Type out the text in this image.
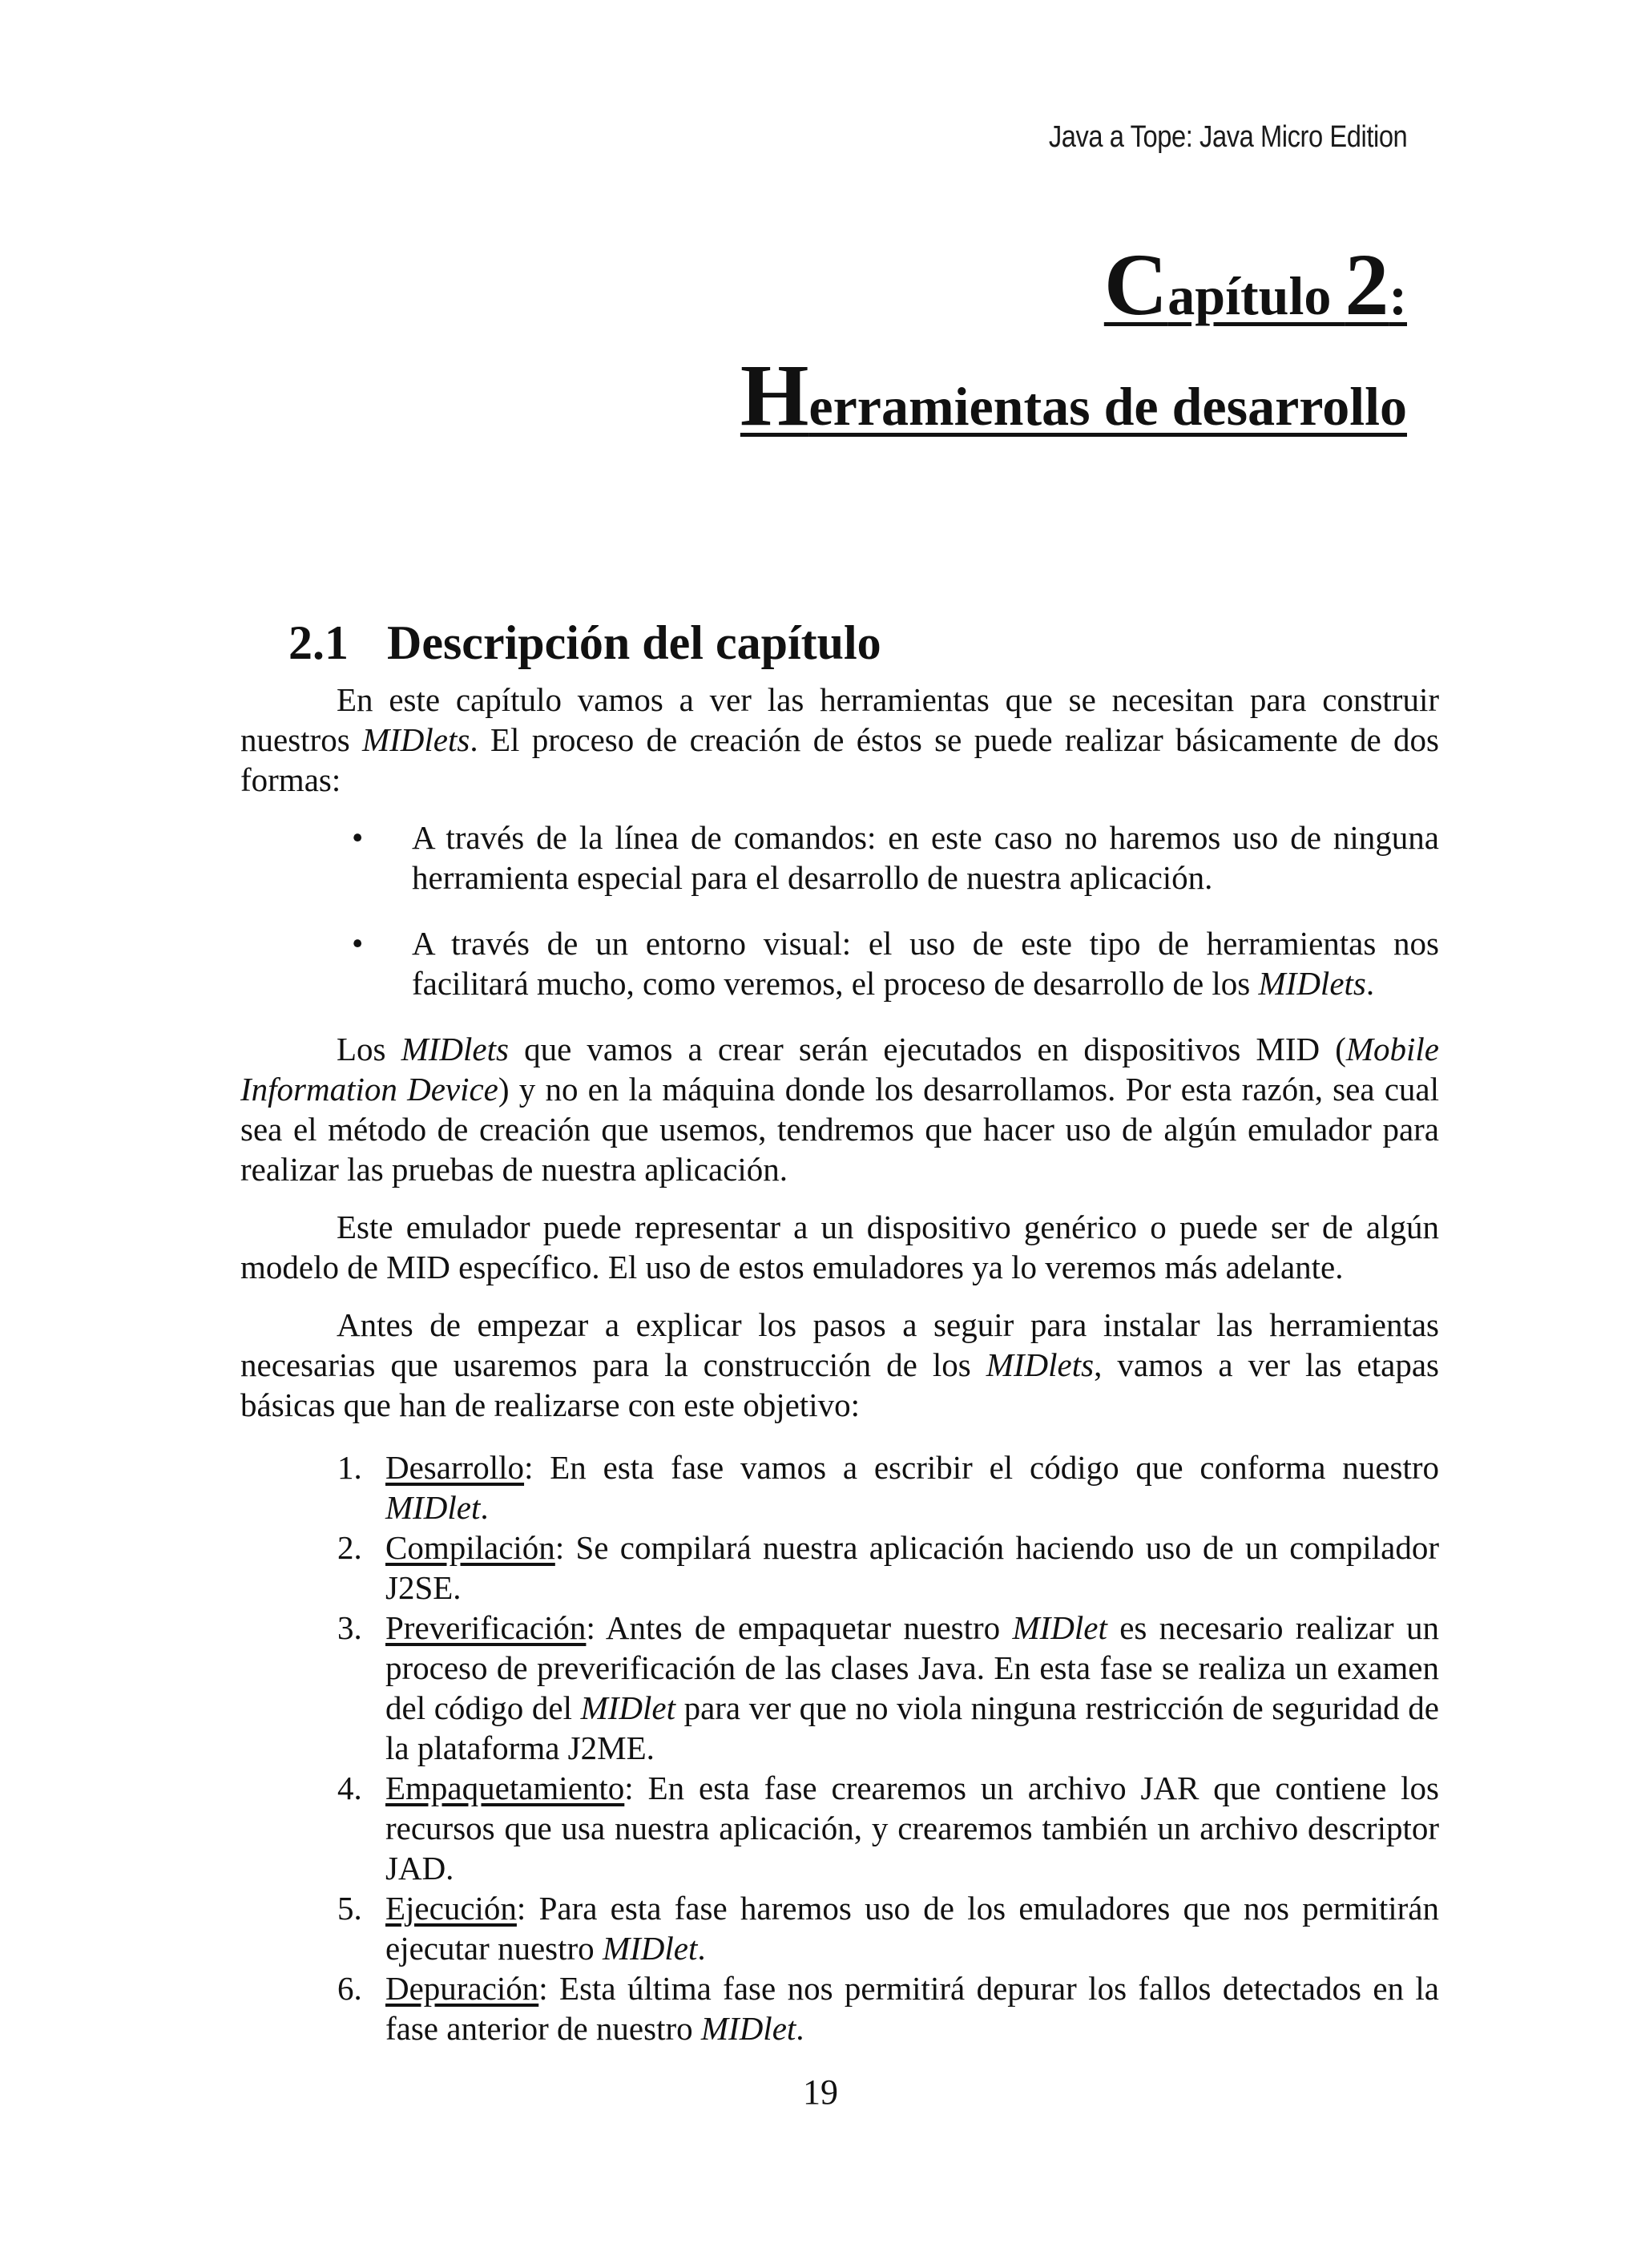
Java a Tope: Java Micro Edition
Capítulo 2:
Herramientas de desarrollo
2.1 Descripción del capítulo

En este capítulo vamos a ver las herramientas que se necesitan para construir nuestros MIDlets. El proceso de creación de éstos se puede realizar básicamente de dos formas:

• A través de la línea de comandos: en este caso no haremos uso de ninguna herramienta especial para el desarrollo de nuestra aplicación.
• A través de un entorno visual: el uso de este tipo de herramientas nos facilitará mucho, como veremos, el proceso de desarrollo de los MIDlets.

Los MIDlets que vamos a crear serán ejecutados en dispositivos MID (Mobile Information Device) y no en la máquina donde los desarrollamos. Por esta razón, sea cual sea el método de creación que usemos, tendremos que hacer uso de algún emulador para realizar las pruebas de nuestra aplicación.

Este emulador puede representar a un dispositivo genérico o puede ser de algún modelo de MID específico. El uso de estos emuladores ya lo veremos más adelante.

Antes de empezar a explicar los pasos a seguir para instalar las herramientas necesarias que usaremos para la construcción de los MIDlets, vamos a ver las etapas básicas que han de realizarse con este objetivo:

1. Desarrollo: En esta fase vamos a escribir el código que conforma nuestro MIDlet.
2. Compilación: Se compilará nuestra aplicación haciendo uso de un compilador J2SE.
3. Preverificación: Antes de empaquetar nuestro MIDlet es necesario realizar un proceso de preverificación de las clases Java. En esta fase se realiza un examen del código del MIDlet para ver que no viola ninguna restricción de seguridad de la plataforma J2ME.
4. Empaquetamiento: En esta fase crearemos un archivo JAR que contiene los recursos que usa nuestra aplicación, y crearemos también un archivo descriptor JAD.
5. Ejecución: Para esta fase haremos uso de los emuladores que nos permitirán ejecutar nuestro MIDlet.
6. Depuración: Esta última fase nos permitirá depurar los fallos detectados en la fase anterior de nuestro MIDlet.
19
